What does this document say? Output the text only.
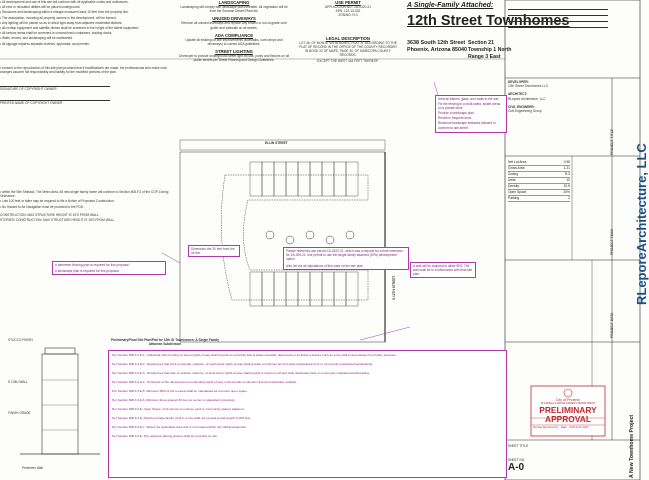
• All development and use of this site will conform with all applicable codes and ordinances.
• All new or relocated utilities will be placed underground.
• Structures and landscaping within a triangle measured back 10 feet from the property line.
• The association, including all property owners in the development, will be formed.
• Any lighting will be placed so as to direct light away from adjacent residential districts.
• All rooftop equipment and satellite dishes shall be screened to the height of the tallest equipment.
• All service areas shall be screened to conceal trash containers, loading docks.
• Walls, fences, and landscaping will be maintained.
• All signage requires separate reviews, approvals, and permits.
LANDSCAPING
Landscaping will comply with landscape plan hereafter. All vegetation will be from the Sonoran Desert Plant list.
UNUSED DRIVEWAYS
Remove all unused driveways and replace any broken or out-of-grade curb gutter and sidewalk on all streets.
ADA COMPLIANCE
Update all existing off-site improvements (sidewalks, curb ramps and driveways) to current ADA guidelines.
STREET LIGHTING
Developer to provide underground street light circuits, poles and fixtures on all public streets per Street Planning and Design Guidelines.
USE PERMIT
APPLICATION NO.: ZA-0320-21
APN: 122-10-032
ZONING: R-3
LEGAL DESCRIPTION
LOT 46, OF MONTE VISTA ACRES, PLAT 'A', ACCORDING TO THE PLAT OF RECORD IN THE OFFICE OF THE COUNTY RECORDER IN BOOK 22 OF MAPS, PAGE 30, OF MARICOPA COUNTY RECORDS.
EXCEPT THE WEST 444 FEET THEREOF.
A Single-Family Attached:
12th Street Townhomes
3638 South 12th Street
Phoenix, Arizona 85040
Section 21
Township 1 North
Range 3 East
DEVELOPER:
12th Street Townhomes LLC
ARCHITECT:
RLepore Architecture, LLC
CIVIL ENGINEER:
Civil Engineering Group
Net Lot Area	0.95
Gross Area	1.21
Zoning	R-3
Units	10
Density	10.5
Open Space	20%
Parking	2	RLeporeArchitecture, LLC
A New Townhome Project
PROJECT TITLE
PROJECT TEAM
PROJECT DATA
City of Phoenix
PLANNING & DEVELOPMENT DEPARTMENT
PRELIMINARY
APPROVAL
Review Received by · Date · KIVA # 22-1227
SHEET TITLE
SHEET NO.
A-0
I consent to the reproduction of this site plan provided that if modifications are made, the professionals who make such changes assume full responsibility and liability for the modified portions of the plan.
SIGNATURE OF COPYRIGHT OWNER
PRINTED NAME OF COPYRIGHT OWNER
• within the Site Setback: The Metro Area. All new single family home will conform to Section 608.F.3 of the COP Zoning Ordinance.
• Lots 100 feet or taller may be required to file a Notice of Proposed Construction.
• No Hazard to Air Navigation must be provided to the PDD.
CONSTRUCTION: MAX STRUCTURE HEIGHT IS 15'S FROM WALL.
STORIES/ CONSTRUCTION: MAX STRUCTURE HEIGHT IS 15'S FROM WALL.
A perimeter fencing plan is required for this proposal.
A landscape plan is required for this proposal.
Please reference use permit ZA-0320-21, which was a request for a time extension for ZA-309-21, use permit to use the single-family attached (SFA) development option.
Also list out all stipulations of this case on the site plan.	A wall will be required to allow SFA. The wall shall be in conformance with final site plan.
Area all frames, glass, and walls to the site.
Fix the fencing in a multi-sided, shake areas on a private drive.
Provide a landscape plan.
Revisit in frequent drive.
Reasonal landscape setbacks allowed to conform to site street.
Dimension the 30 feet from the lot line.
ELLIN STREET
S 12TH STREET
STUCCO FINISH
6' CMU WALL
FINISH GRADE
Perimeter Wall
Preliminary/Final Site Plan/Plat for 12th St Townhomes: A Single Family Attached Subdivision
Per Section 608.F.3.E.1., Individual units fronting on street rights-of-way shall provide an entryway that is either elevated, depressed or includes a feature such as a low wall to accentuate the primary entrance.
Per Section 608.F.3.E.2., Residences that front on arterial, collector, or local street rights-of-way shall provide a minimum ten-foot wide landscaped front or community maintained landscaping.
Per Section 608.F.3.E.3., Residences that side on arterial, collector, or local street rights-of-way shall provide a minimum 10-foot wide landscape tract or community maintained landscaping.
Per Section 608.F.3.E.4., Perimeter of the development not abutting rights-of-way must provide a minimum five-foot landscape setback.
Per Section 608.F.3.E.5. Minimum 50% of the lot area shall be maintained as common open space.
Per Section 608.F.3.E.6. Minimum three spaced 30 feet on center or equivalent groupings.
Per Section 608.F.3.E. Open Space. Only homes to enclose yard or community spaces adjacent.
Per Section 608.F.3.E. Attached single-family units in a row shall not exceed a total length of 200 feet.
Per Section 608.F.3.E.7. Where the applicable area that is not located within the infill development.
Per Section 608.F.3.E. The required parking spaces shall be provided on site.
